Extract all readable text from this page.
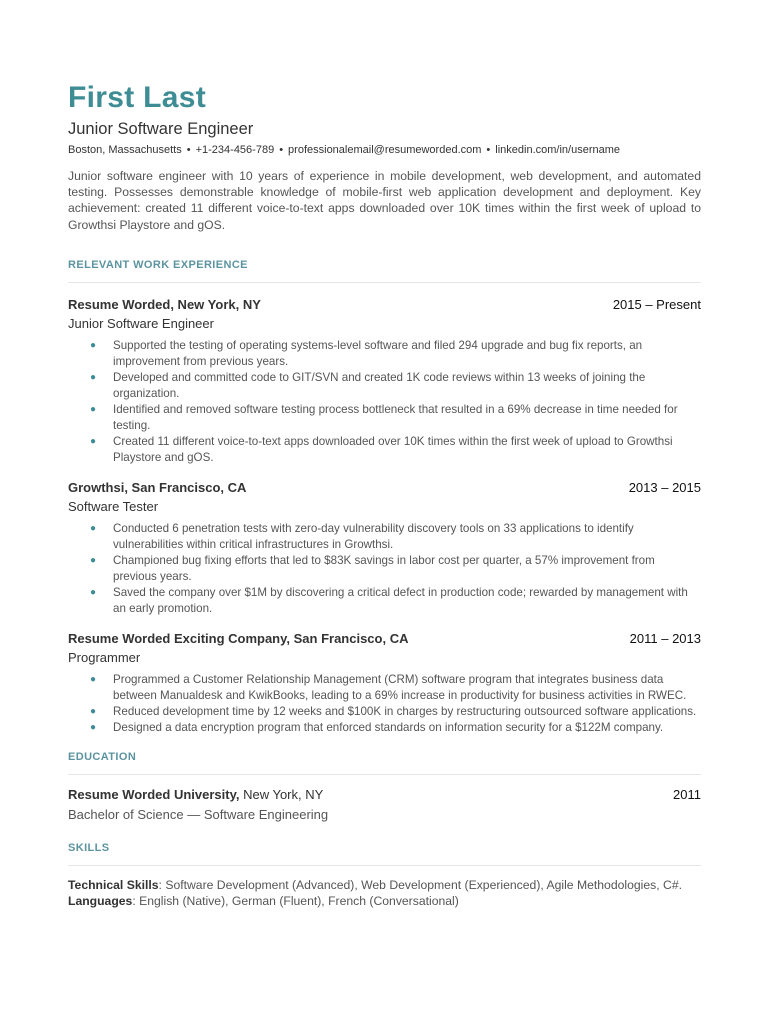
First Last
Junior Software Engineer
Boston, Massachusetts • +1-234-456-789 • professionalemail@resumeworded.com • linkedin.com/in/username
Junior software engineer with 10 years of experience in mobile development, web development, and automated testing. Possesses demonstrable knowledge of mobile-first web application development and deployment. Key achievement: created 11 different voice-to-text apps downloaded over 10K times within the first week of upload to Growthsi Playstore and gOS.
RELEVANT WORK EXPERIENCE
Resume Worded, New York, NY	2015 – Present
Junior Software Engineer
● Supported the testing of operating systems-level software and filed 294 upgrade and bug fix reports, an improvement from previous years.
● Developed and committed code to GIT/SVN and created 1K code reviews within 13 weeks of joining the organization.
● Identified and removed software testing process bottleneck that resulted in a 69% decrease in time needed for testing.
● Created 11 different voice-to-text apps downloaded over 10K times within the first week of upload to Growthsi Playstore and gOS.
Growthsi, San Francisco, CA	2013 – 2015
Software Tester
● Conducted 6 penetration tests with zero-day vulnerability discovery tools on 33 applications to identify vulnerabilities within critical infrastructures in Growthsi.
● Championed bug fixing efforts that led to $83K savings in labor cost per quarter, a 57% improvement from previous years.
● Saved the company over $1M by discovering a critical defect in production code; rewarded by management with an early promotion.
Resume Worded Exciting Company, San Francisco, CA	2011 – 2013
Programmer
● Programmed a Customer Relationship Management (CRM) software program that integrates business data between Manualdesk and KwikBooks, leading to a 69% increase in productivity for business activities in RWEC.
● Reduced development time by 12 weeks and $100K in charges by restructuring outsourced software applications.
● Designed a data encryption program that enforced standards on information security for a $122M company.
EDUCATION
Resume Worded University, New York, NY	2011
Bachelor of Science — Software Engineering
SKILLS
Technical Skills: Software Development (Advanced), Web Development (Experienced), Agile Methodologies, C#.
Languages: English (Native), German (Fluent), French (Conversational)
